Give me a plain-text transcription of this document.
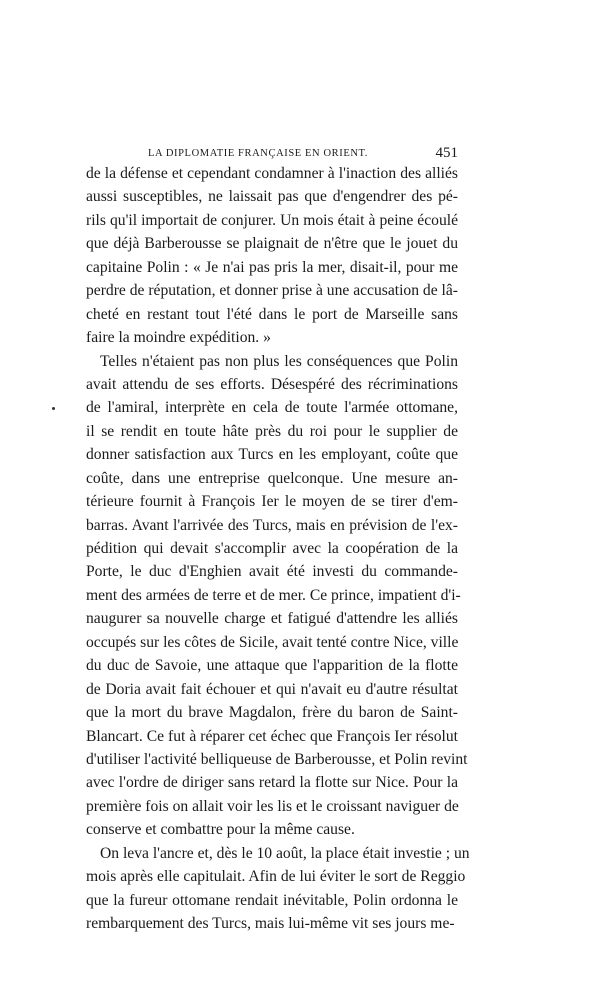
LA DIPLOMATIE FRANÇAISE EN ORIENT.	451
de la défense et cependant condamner à l'inaction des alliés
aussi susceptibles, ne laissait pas que d'engendrer des pé-
rils qu'il importait de conjurer. Un mois était à peine écoulé
que déjà Barberousse se plaignait de n'être que le jouet du
capitaine Polin : « Je n'ai pas pris la mer, disait-il, pour me
perdre de réputation, et donner prise à une accusation de lâ-
cheté en restant tout l'été dans le port de Marseille sans
faire la moindre expédition. »
Telles n'étaient pas non plus les conséquences que Polin
avait attendu de ses efforts. Désespéré des récriminations
de l'amiral, interprète en cela de toute l'armée ottomane,
il se rendit en toute hâte près du roi pour le supplier de
donner satisfaction aux Turcs en les employant, coûte que
coûte, dans une entreprise quelconque. Une mesure an-
térieure fournit à François Ier le moyen de se tirer d'em-
barras. Avant l'arrivée des Turcs, mais en prévision de l'ex-
pédition qui devait s'accomplir avec la coopération de la
Porte, le duc d'Enghien avait été investi du commande-
ment des armées de terre et de mer. Ce prince, impatient d'i-
naugurer sa nouvelle charge et fatigué d'attendre les alliés
occupés sur les côtes de Sicile, avait tenté contre Nice, ville
du duc de Savoie, une attaque que l'apparition de la flotte
de Doria avait fait échouer et qui n'avait eu d'autre résultat
que la mort du brave Magdalon, frère du baron de Saint-
Blancart. Ce fut à réparer cet échec que François Ier résolut
d'utiliser l'activité belliqueuse de Barberousse, et Polin revint
avec l'ordre de diriger sans retard la flotte sur Nice. Pour la
première fois on allait voir les lis et le croissant naviguer de
conserve et combattre pour la même cause.
On leva l'ancre et, dès le 10 août, la place était investie ; un
mois après elle capitulait. Afin de lui éviter le sort de Reggio
que la fureur ottomane rendait inévitable, Polin ordonna le
rembarquement des Turcs, mais lui-même vit ses jours me-
